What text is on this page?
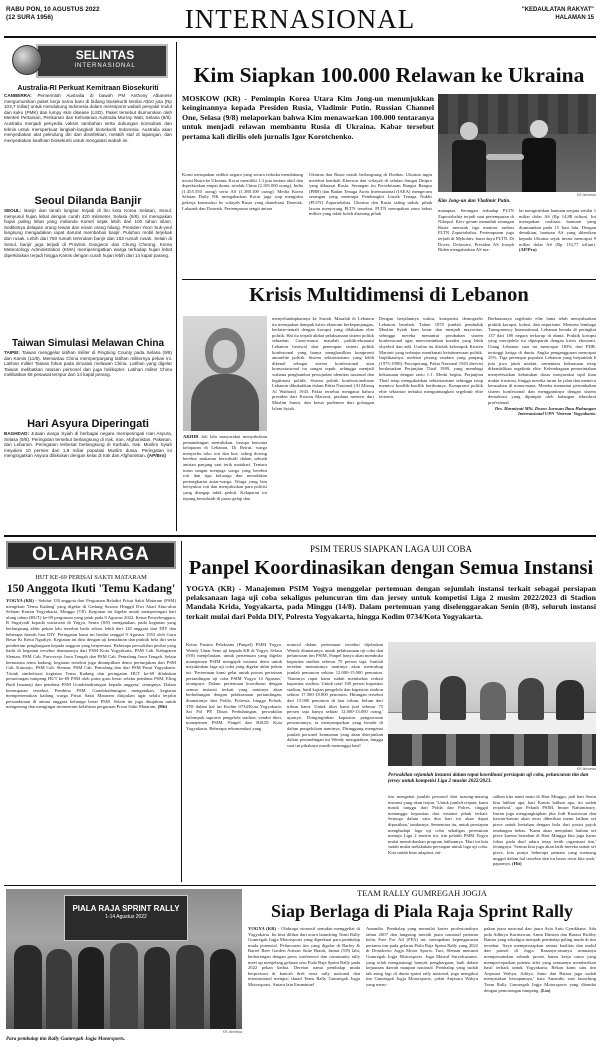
RABU PON, 10 AGUSTUS 2022
(12 SURA 1956)	INTERNASIONAL	"KEDAULATAN RAKYAT"
HALAMAN 15
SELINTAS
INTERNASIONAL
Australia-RI Perkuat Kemitraan Biosekuriti

CANBERRA: Pemerintah Australia di bawah PM Anthony Albanese mengumumkan paket kerja sama baru di bidang biosekuriti senilai A$10 juta (Rp 103,7 miliar) untuk mendukung Indonesia dalam merespons wabah penyakit mulut dan kuku (PMK) dan lumpy skin disease (LSD). Paket tersebut diumumkan oleh Menteri Pertanian, Perikanan dan Kehutanan Australia Murray Watt, Selasa (9/8). Australia menjadi penyedia vaksin tambahan serta dukungan konsultasi dan teknis untuk memperkuat langkah-langkah biosekuriti Indonesia. Australia akan menyediakan alat pelindung diri dan disinfektan, melatih staf di lapangan, dan menyediakan kealhian biosekuriti untuk mengatasi wabah ini.

Seoul Dilanda Banjir

SEOUL: Banjir dan tanah longsor terjadi di ibu kota Korea Selatan, Seoul, menyusul hujan lebat dengan curah 420 milimeter, Selasa (9/8). Ini merupakan hujan paling lebat yang melanda Korsel sejak lebih dari 100 tahun silam. Sedikitnya delapan orang tewas dan enam orang hilang. Presiden Yoon Suk-yeol langsung mengadakan rapat darurat membahas banjir. Puluhan mobil terjebak dan rusak. Lebih dari 750 rumah terendam banjir dan 163 rumah rusak. Selain di Seoul, banjir juga terjadi di Provinsi Gangwon dan Chung Cheong. Korea Meteorology Administration (KMA) memperingatkan warga terhadap hujan lebat diperkirakan terjadi hingga Kamis dengan curah hujan lebih dari 14 kapal parang.

Taiwan Simulasi Melawan China

TAIPEI: Taiwan menggelar latihan militer di Pingtung County pada Selasa (9/8) dan Kamis (11/8). Memantau China memperpanjang latihan militernya pekan ini. Latihan militer Taiwan fokus pada simulasi melawan China. Latihan yang digelar Taiwan melibatkan ratusan personel dan juga helikopter. Latihan militer China melibatkan 66 pesawat tempur dan 14 kapal perang.

Hari Asyura Diperingati

BAGHDAD: Jutaan warga Syiah di berbagai negara memperingati Hari Asyura, Selasa (9/8). Peringatan tersebut berlangsung di Irak, Iran, Afghanistan, Pakistan, dan Lebanon. Peringatan terbesar berlangsung di Karbala, Irak. Muslim Syiah meyakini 10 persen dari 1,8 miliar populasi Muslim dunia. Peringatan ini mengingatkan Asyura dilakukan dengan ketat di Irak dan Afghanistan. (AP/Bro)

Kim Siapkan 100.000 Relawan ke Ukraina
MOSKOW (KR) - Pemimpin Korea Utara Kim Jong-un menunjukkan keinginannya kepada Presiden Rusia, Vladimir Putin. Russian Channel One, Selasa (9/8) melaporkan bahwa Kim menawarkan 100.000 tentaranya untuk menjadi relawan membantu Rusia di Ukraina. Kabar tersebut pertama kali dirilis oleh jurnalis Igor Korotchenko.

Korut merupakan sedikit negara yang secara terbuka mendukung invasi Rusia ke Ukraina. Korut memiliki 1,3 juta tentara aktif dan diperkirakan empat dunia, setelah China (2.185.000 orang), India (1.455.550 orang) serta AS (1.388.100 orang). Media Korea Selatan Daily NK mengabarkan Korut juga siap mengirim pekerja konstruksi ke wilayah Rusia yang dianeksasi Donetsk, Luhansk dan Donetsk. Pertempuran sengit antara

Ukraina dan Rusia masih berlangsung di Donbas. Ukraina ingin merebut kembali Kherson dan wilayah di selatan Sungai Dnipro yang dikuasai Rusia. Serangan itu Persekitaran Bangsa Bangsa (PBB) dan Badan Tenaga Atom Internasional (IAEA) mengecam serangan yang menimpa Pembangkit Listrik Tenaga Nuklir (PLTN) Zaporizhzhia. Ukraina dan Rusia saling tuduh, pihak lawan menyerang PLTN tersebut. PLTN merupakan zona bebas militer yang tidak boleh diserang pihak

KR-Istimewa
Kim Jong-un dan Vladimir Putin.

manapun. Serangan terhadap PLTN Zaporizhzhia terjadi saat pertempuran di Nikopol. Kiev geram menuduh serangan Rusia merusak tiga monitor radiasi PLTN Zaporizhzhia. Pertempuran juga terjadi di Mykolaiv, barat daya PLTN. Di Dover, Delaware, Presiden AS Joseph Biden mengabarkan AS ma-

lai mengirimkan bantuan senjata senilai 1 miliar dolar AS (Rp 14,88 triliun). Ini merupakan realisasi bantuan yang diumumkan pada 15 Juni lalu. Dengan demikian, bantuan AS yang diberikan kepada Ukraina sejak invasi mencapai 9 miliar dolar AS (Rp 133,77 triliun). (AP/Pra)

Krisis Multidimensi di Lebanon

AKHIR Juli lalu masyarakat menyaksikan pemandangan memilukan, berupa bencana kelaparan di Lebanon. Di Beirut, warga menyerbu toko roti dan kue, saling dorong berebut makanan bersubsidi dalam sebuah antrian panjang saat terik matahari. Tentara turun tangan menjaga warga yang berebut roti dan tiga keluarga dan menolakan pertengkaran antar-warga. Warga yang lain bersyukur roti dan menyaksikan para politisi yang diangap tidak peduli. Kelaparan ini tepung bersubsidi di pasar gelap dan

menyelundupkannya ke Suriah. Masalah di Lebanon itu merupakan dampak krisis ekonomi berkepanjangan, berlatar-temali dengan korupsi yang dilakukan elite politik. Hal itu terjadi akibat pelaksanaan sistem politik sektarian. Carut-marut masalah politik-ekonomi Lebanon berawal dari penerapan sistem politik konfesional yang hanya menghasilkan kompromi antarelite politik. Sistem sektarianisme yang lebih dikenal sebagai sistem konfessional atau konsosiasional itu sangat rapuh, sehingga menjadi wahana penghambat pewujudan identitas nasional dan legitimasi politik. Sistem politik konfessionalisme Lebanon dikukuhkan dalam Pakta Nasional (Al Mitsaq Al Wathoni) 1943. Pakta tersebut mengatur bahwa presiden dari Kristen Maronit, perdana menteri dari Muslim Sunni, dan ketua parlemen dari golongan Islam Syiah.

Dengan berjalannya waktu, komposisi demografis Lebanon berubah. Tahun 1970 jumlah penduduk Muslim Syiah kian besar dan menjadi mayoritas, sehingga mereka menuntut perubahan sistem konfessional agar mencerminkan kondisi yang lebih obyektif dan adil. Usulan itu ditolak kelompok Kristen Maronit yang terlanjur menikmati keistimewaan politik. Implikasinya, meletus perang saudara yang panjang (1975-1990). Pascaperang, Pakta Nasional 1943 direvisi berdasarkan Perjanjian Thaif 1989, yang membagi kekuasaan dengan rasio 1:1. Meski begitu, Perjanjian Thaif tetap mengukuhkan sektarianisme sehingga tetap memicu konflik-konflik berikutnya. Kompromi politik elite sektarian terbukti menguntungkan segelintir elite tertentu.

Berkuasanya segelintir elite lama telah menyuburkan praktik korupsi, kolusi, dan nepotisme. Menurut lembaga Transparency International, Lebanon berada di peringkat 137 dari 180 negara terkorup di dunia. Praktik korupsi yang merajalela itu diperparah dengan krisis ekonomi. Utang Lebanon saat ini mencapai 183% dari PDB, tertinggi ketiga di dunia. Angka pengangguran mencapai 25%. Tiga perempat populasi Lebanon yang berjumlah 6 juta jiwa jatuh miskin, sementara kekuasaan tetap dikendalikan segelintir elite. Kelembagaan pemerintahan menyelesaikan kebutuhan dasar masyarakat sipil kian makin frustrasi, hingga mereka turun ke jalan dan memicu kerusuhan di mana-mana. Mereka menuntut perombakan sistem konfesional dan menggantinya dengan sistem demokrasi yang dipimpin oleh kalangan teknokrat profesional.
Drs. Harmiyati MSi. Dosen Jurusan Ilmu Hubungan Internasional UPN 'Veteran' Yogyakarta.

OLAHRAGA
HUT KE-69 PERISAI SAKTI MATARAM
150 Anggota Ikuti 'Temu Kadang'

YOGYA (KR) - Sekitar 150 anggota dari Perguruan Beladiri Prisai Sakti Mataram (PSM) mengikuti 'Temu Kadang' yang digelar di Gedung Sasono Hinggil Dwi Abad Alun-alun Selatan Kraton Yogyakarta, Minggu (7/8). Kegiatan ini digelar untuk memperingati hari ulang tahun (HUT) ke-69 perguruan yang jatuh pada 9 Agustus 2022. Ketua Penyelenggara, R Sugriyadi kepada wartawan di Yogya, Senin (8/8) mengatakan, pada kegiatan yang berlangsung akhir pekan lalu tersebut hadir sektor lebih dari 120 anggota dari DIY dan beberapa daerah luar DIY. Peringatan kami ini berdiri tanggal 9 Agustus 1953 oleh Guru Besar Ki Ketut Ngadiyo. Kegiatan ini diisi dengan uji kemahiran dan praktik bela diri serta pemberian penghargaan kepada anggota yang berprestasi. Beberapa perwakilan pesilat yang hadir di kegiatan tersebut diantaranya dari PSM Kota Yogyakarta, PSM Cab. Kabupaten Sleman, PSM Cab. Purworejo Jawa Tengah dan PSM Cab. Pemalang Jawa Tengah. Selain bernuansa temu kadang, kegiatan tersebut juga ditampilkan demo pertunjukan dari PSM Cab. Kutoarjo, PSM Cab. Sleman, PSM Cab. Pemalang dan dari PSM Pusat Yogyakarta. 'Untuk simbolisasi kegiatan Temu Kadang dan peringatan HUT ke-69 dilakukan pemotongan tumpeng HUT ke-69 PSM oleh putra guru besar selaku pembina PSM, Eling Budi Ismanaji dan pembina PSM Gondohadiningrat kepada anggota,' terangnya. Dalam kesempatan tersebut, Pembina PSM, Gondohadiningrat mengatakan, kegiatan mempertemukan kadang warga Prisai Sakti Mataram ditujukan agar selalu terjalin persaudaraan di antara anggota keluarga besar PSM. Selain itu juga ditujukan untuk mengenang dan mengingat momentum kelahiran perguruan Prisai Sakti Mataram. (Hit)

PSIM TERUS SIAPKAN LAGA UJI COBA
Panpel Koordinasikan dengan Semua Instansi
YOGYA (KR) - Manajemen PSIM Yogya menggelar pertemuan dengan sejumlah instansi terkait sebagai persiapan pelaksanaan laga uji coba sekaligus peluncuran tim dan jersey untuk kompetisi Liga 2 musim 2022/2023 di Stadion Mandala Krida, Yogyakarta, pada Minggu (14/8). Dalam pertemuan yang diselenggarakan Senin (8/8), seluruh instansi terkait mulai dari Polda DIY, Polresta Yogyakarta, hingga Kodim 0734/Kota Yogyakarta.

Ketua Panitia Pelaksana (Panpel) PSIM Yogya, Wendy Umar Seno aji kepada KR di Yogya, Selasa (9/8) menjelaskan, untuk pertemuan yang digelar manajemen PSIM mengajak instansi demi untuk meyakinkan laga uji coba yang digelar akhir pekan ini. 'Pertemuan kami gelar untuk proses perizinan pertandingan uji coba PSIM Yogya 14 Agustus,' terangnya. Dalam pertemuan koordinasi dengan semua instansi terkait yang nantinya akan berhubungan dengan pelaksanaan pertandingan, diantaranya dari Polda, Polresta, hingga Polsek, TNI dalam hal ini Kodim 0734/Kota Yogyakarta, Sat Pol PP, Dinas Perhubungan, perwakilan kelompok suporter pengelola stadion, vendor tiket, manajemen PSIM, Panpel dan RSUD Kota Yogyakarta. Beberapa rekomendasi yang

muncul dalam pertemuan tersebut dijelaskan Wendy diantaranya, untuk pelaksanaan uji coba dan peluncuran tim PSIM, Panpel hanya akan membuka kapasitas stadion sebesar 75 persen saja. Jumlah tersebut menurutnya nantinya akan mencakup jumlah penonton sekitar 12.000-15.000 penonton. 'Nantinya rapat kami sudah membahas terkait kapasitas stadion. Untuk total 100 persen kapasitas stadion, hasil kajian pengelola dan kapasitas stadion sekitar 17.500-18.000 penonton. Hitungan tersebut dari 15.000 penonton di luar tribun, belum dari tribun kami. Untuk tiket kami jual sebesar 75 persen saja hanya sekitar 12.000-13.000 orang,' ujarnya. Diinginginkan kapasitas pengawasan penontonnya, ia menyampaikan yang berada di dalam pengelolaan nantinya. Diringgung mengenai jumlah personel keamanan yang akan diterjunkan dalam pertandingan ini Wendy mengatakan, hingga saat ini pihaknya masih menunggu hasil

KR-Istimewa
Perwakilan sejumlah instansi dalam rapat koordinasi persiapan uji coba, peluncuran tim dan jersey untuk kompetisi Liga 2 musim 2022/2023.

tim mengenai jumlah personel dari masing-masing instansi yang akan terjun. 'Untuk jumlah respon, kami masih tunggu dari Polda dan Polres, tinggal menunggu kepastian dari instansi pihak terkait. Semoga dalam satu dua hari ini akan dapat dipastikan,' tandasnya. Sementara itu, untuk persiapan menghadapi laga uji coba sekaligus peresmian menuju Liga 2 musim ini, tim pelatih PSIM Yogya mulai memfokuskan program latihannya. 'Hari ini kita sudah mulai melakukan persiapan untuk laga uji coba. Kita sudah buat adaptasi, mi-

salkan kita nanti main di Hari Minggu, jadi hari Senin kita latihan apa, hari Kamis latihan apa, itu sudah terjadwal,' ujar Pelatih PSIM, Imran Nahumarury. Imran juga mengungkapkan jika Jodi Kustiawan dan kawan-kawan akan terus diberikan menu latihan set piece untuk bertahan dengan bola dari posisi pojok tendangan bebas. 'Kami akan menjalani latihan set piece karena bertahan di Hari Minggu kita juga harus fokus pada duel udara tetap tertib organisasi tim,' terangnya. 'Semua kita juga akan latih mereka untuk set piece, kita punya beberapa pemain yang memang unggul dalam hal tersebut dan itu harus terus kita asah,' paparnya. (Hit)

PIALA RAJA SPRINT RALLY
1-14 Agustus 2022
KR-Istimewa
Para pembalap tim Rally Gumregah Jogja Motorsports.
TEAM RALLY GUMREGAH JOGJA
Siap Berlaga di Piala Raja Sprint Rally

YOGYA (KR) - Olahraga otomotif semakin menggeliat di Yogyakarta. Itu bisa dilihat dari acara launching Team Rally Gumregah Jogja Motorsports yang diperkuat para pembalap muda potensial. Peluncuran tim yang digelar di Barley & Barrel Beer Garden Artisan Suite Bianti, Jumat (5/8) lalu, berbarengan dengan press conference dan community rally meet up menjelang gelaran seru Piala Raja Sprint Rally pada 2022 pekan kedua. Deretan nama pembalap muda berprestasi di kancah drift serta rally nasional dan internasional mengisi skuad Team Rally Gumregah Jogja Motorsports. Antara lain Emmanuel

Amandio. Pembalap yang memulai karier profesionalnya tahun 2007 dan langsung meraih juara nasional pertama kelas Free For All (FFA) ini, merupakan kepengurusan pertama tim pada gelaran Piala Raja Sprint Rally yang 2022 di Donokerto Jogja Motor Sports, Turi, Sleman menurut Gumregah Jogja Motorsports. Juga Masrul Suryokusumo, yang telah mengantongi banyak penghargaan, baik dalam kejuaraan daerah maupun nasional. Pembalap yang sudah tak asing lagi di dunia sprint rally nasional, juga mengikut tim Gumregah Jogja Motorsports, yakni Anjasara Wahyu yang meru-

pakan juara nasional dan juara Asia Auto Gymkhana. Ada pula Adhitya Kurniawan, Amin Dinsten dan Barasa Richby Batuta yang sekaligus menjadi pembalap paling muda di tim tersebut. 'Saya mempersiapkan semua kualitas dan mobil dan ponsel di Jogja. Rasanya-rasanya semuanya mempersatukan sebuah proses bantu kerja sama yang mempercepatkan potensi atlet yang semuanya memberikan hasil terbaik untuk Yogyakarta. Rekan kami satu tim Anjasara Wahyu, Aditya, Janto dan Batara juga sudah menyatakan kesiapannya,' kata Amandio saat launching Team Rally Gumregah Jogja Motorsports yang ditandai dengan pemotongan tumpeng. (Lia)
